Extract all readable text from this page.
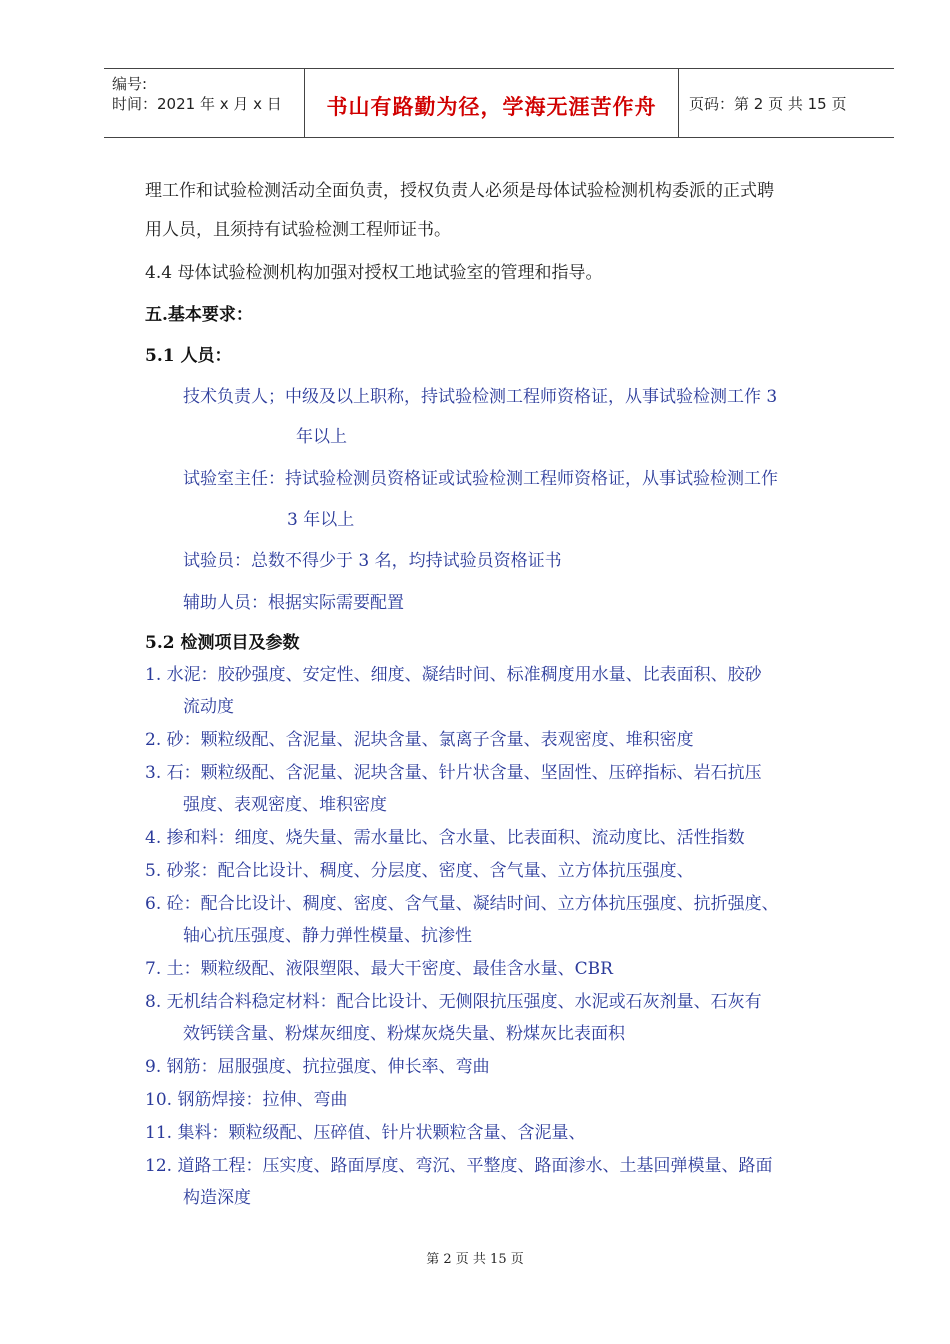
编号:
时间：2021 年 x 月 x 日	书山有路勤为径，学海无涯苦作舟	页码：第 2 页 共 15 页
理工作和试验检测活动全面负责，授权负责人必须是母体试验检测机构委派的正式聘
用人员，且须持有试验检测工程师证书。
4.4 母体试验检测机构加强对授权工地试验室的管理和指导。
五.基本要求：
5.1 人员：
技术负责人；中级及以上职称，持试验检测工程师资格证，从事试验检测工作 3
年以上
试验室主任：持试验检测员资格证或试验检测工程师资格证，从事试验检测工作
3 年以上
试验员：总数不得少于 3 名，均持试验员资格证书
辅助人员：根据实际需要配置
5.2 检测项目及参数
1. 水泥：胶砂强度、安定性、细度、凝结时间、标准稠度用水量、比表面积、胶砂
流动度
2. 砂：颗粒级配、含泥量、泥块含量、氯离子含量、表观密度、堆积密度
3. 石：颗粒级配、含泥量、泥块含量、针片状含量、坚固性、压碎指标、岩石抗压
强度、表观密度、堆积密度
4. 掺和料：细度、烧失量、需水量比、含水量、比表面积、流动度比、活性指数
5. 砂浆：配合比设计、稠度、分层度、密度、含气量、立方体抗压强度、
6. 砼：配合比设计、稠度、密度、含气量、凝结时间、立方体抗压强度、抗折强度、
轴心抗压强度、静力弹性模量、抗渗性
7. 土：颗粒级配、液限塑限、最大干密度、最佳含水量、CBR
8. 无机结合料稳定材料：配合比设计、无侧限抗压强度、水泥或石灰剂量、石灰有
效钙镁含量、粉煤灰细度、粉煤灰烧失量、粉煤灰比表面积
9. 钢筋：屈服强度、抗拉强度、伸长率、弯曲
10. 钢筋焊接：拉伸、弯曲
11. 集料：颗粒级配、压碎值、针片状颗粒含量、含泥量、
12. 道路工程：压实度、路面厚度、弯沉、平整度、路面渗水、土基回弹模量、路面
构造深度
第 2 页 共 15 页
